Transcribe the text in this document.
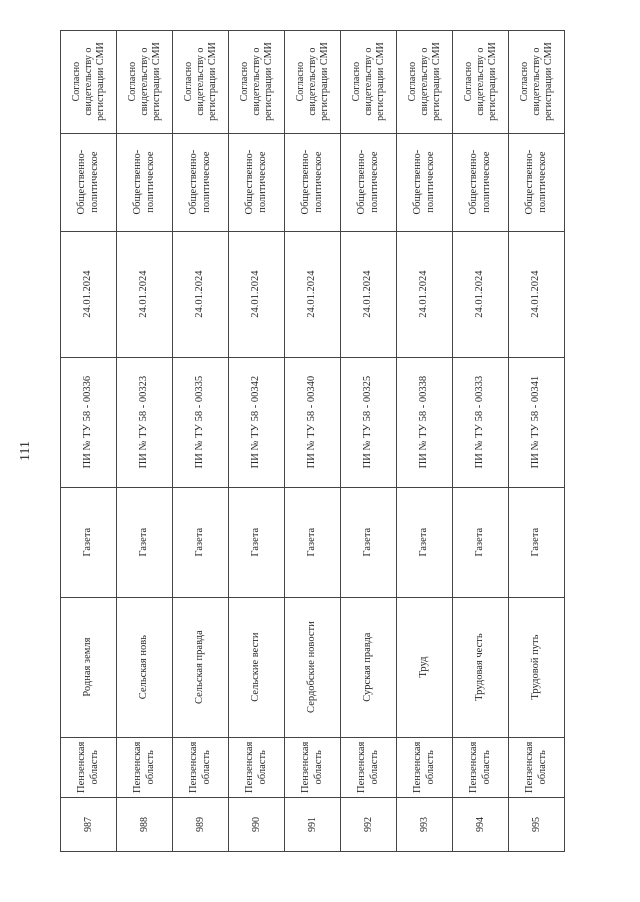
111
987	Пензенская область	Родная земля	Газета	ПИ № ТУ 58 - 00336	24.01.2024	Общественно-политическое	Согласно свидетельству о регистрации СМИ
988	Пензенская область	Сельская новь	Газета	ПИ № ТУ 58 - 00323	24.01.2024	Общественно-политическое	Согласно свидетельству о регистрации СМИ
989	Пензенская область	Сельская правда	Газета	ПИ № ТУ 58 - 00335	24.01.2024	Общественно-политическое	Согласно свидетельству о регистрации СМИ
990	Пензенская область	Сельские вести	Газета	ПИ № ТУ 58 - 00342	24.01.2024	Общественно-политическое	Согласно свидетельству о регистрации СМИ
991	Пензенская область	Сердобские новости	Газета	ПИ № ТУ 58 - 00340	24.01.2024	Общественно-политическое	Согласно свидетельству о регистрации СМИ
992	Пензенская область	Сурская правда	Газета	ПИ № ТУ 58 - 00325	24.01.2024	Общественно-политическое	Согласно свидетельству о регистрации СМИ
993	Пензенская область	Труд	Газета	ПИ № ТУ 58 - 00338	24.01.2024	Общественно-политическое	Согласно свидетельству о регистрации СМИ
994	Пензенская область	Трудовая честь	Газета	ПИ № ТУ 58 - 00333	24.01.2024	Общественно-политическое	Согласно свидетельству о регистрации СМИ
995	Пензенская область	Трудовой путь	Газета	ПИ № ТУ 58 - 00341	24.01.2024	Общественно-политическое	Согласно свидетельству о регистрации СМИ
